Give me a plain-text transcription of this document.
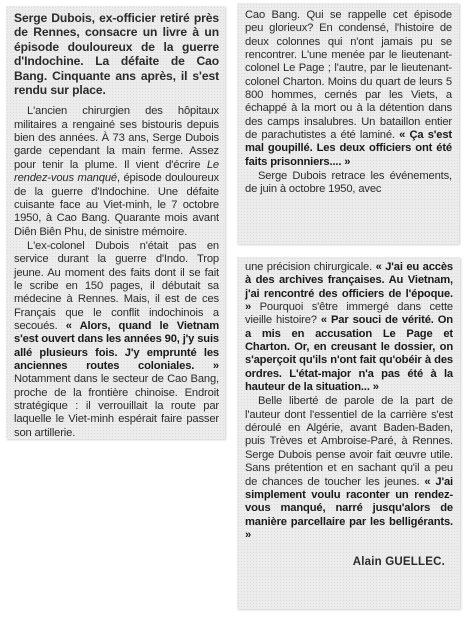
Serge Dubois, ex-officier retiré près de Rennes, consacre un livre à un épisode douloureux de la guerre d'Indochine. La défaite de Cao Bang. Cinquante ans après, il s'est rendu sur place.

L'ancien chirurgien des hôpitaux militaires a rengainé ses bistouris depuis bien des années. À 73 ans, Serge Dubois garde cependant la main ferme. Assez pour tenir la plume. Il vient d'écrire Le rendez-vous manqué, épisode douloureux de la guerre d'Indochine. Une défaite cuisante face au Viet-minh, le 7 octobre 1950, à Cao Bang. Quarante mois avant Diên Biên Phu, de sinistre mémoire.

L'ex-colonel Dubois n'était pas en service durant la guerre d'Indo. Trop jeune. Au moment des faits dont il se fait le scribe en 150 pages, il débutait sa médecine à Rennes. Mais, il est de ces Français que le conflit indochinois a secoués. « Alors, quand le Vietnam s'est ouvert dans les années 90, j'y suis allé plusieurs fois. J'y emprunté les anciennes routes coloniales. » Notamment dans le secteur de Cao Bang, proche de la frontière chinoise. Endroit stratégique : il verrouillait la route par laquelle le Viet-minh espérait faire passer son artillerie.

Cao Bang. Qui se rappelle cet épisode peu glorieux? En condensé, l'histoire de deux colonnes qui n'ont jamais pu se rencontrer. L'une menée par le lieutenant-colonel Le Page ; l'autre, par le lieutenant-colonel Charton. Moins du quart de leurs 5 800 hommes, cernés par les Viets, a échappé à la mort ou à la détention dans des camps insalubres. Un bataillon entier de parachutistes a été laminé. « Ça s'est mal goupillé. Les deux officiers ont été faits prisonniers.... »

Serge Dubois retrace les événements, de juin à octobre 1950, avec

une précision chirurgicale. « J'ai eu accès à des archives françaises. Au Vietnam, j'ai rencontré des officiers de l'époque. » Pourquoi s'être immergé dans cette vieille histoire? « Par souci de vérité. On a mis en accusation Le Page et Charton. Or, en creusant le dossier, on s'aperçoit qu'ils n'ont fait qu'obéir à des ordres. L'état-major n'a pas été à la hauteur de la situation... »

Belle liberté de parole de la part de l'auteur dont l'essentiel de la carrière s'est déroulé en Algérie, avant Baden-Baden, puis Trèves et Ambroise-Paré, à Rennes. Serge Dubois pense avoir fait œuvre utile. Sans prétention et en sachant qu'il a peu de chances de toucher les jeunes. « J'ai simplement voulu raconter un rendez-vous manqué, narré jusqu'alors de manière parcellaire par les belligérants. »

Alain GUELLEC.
